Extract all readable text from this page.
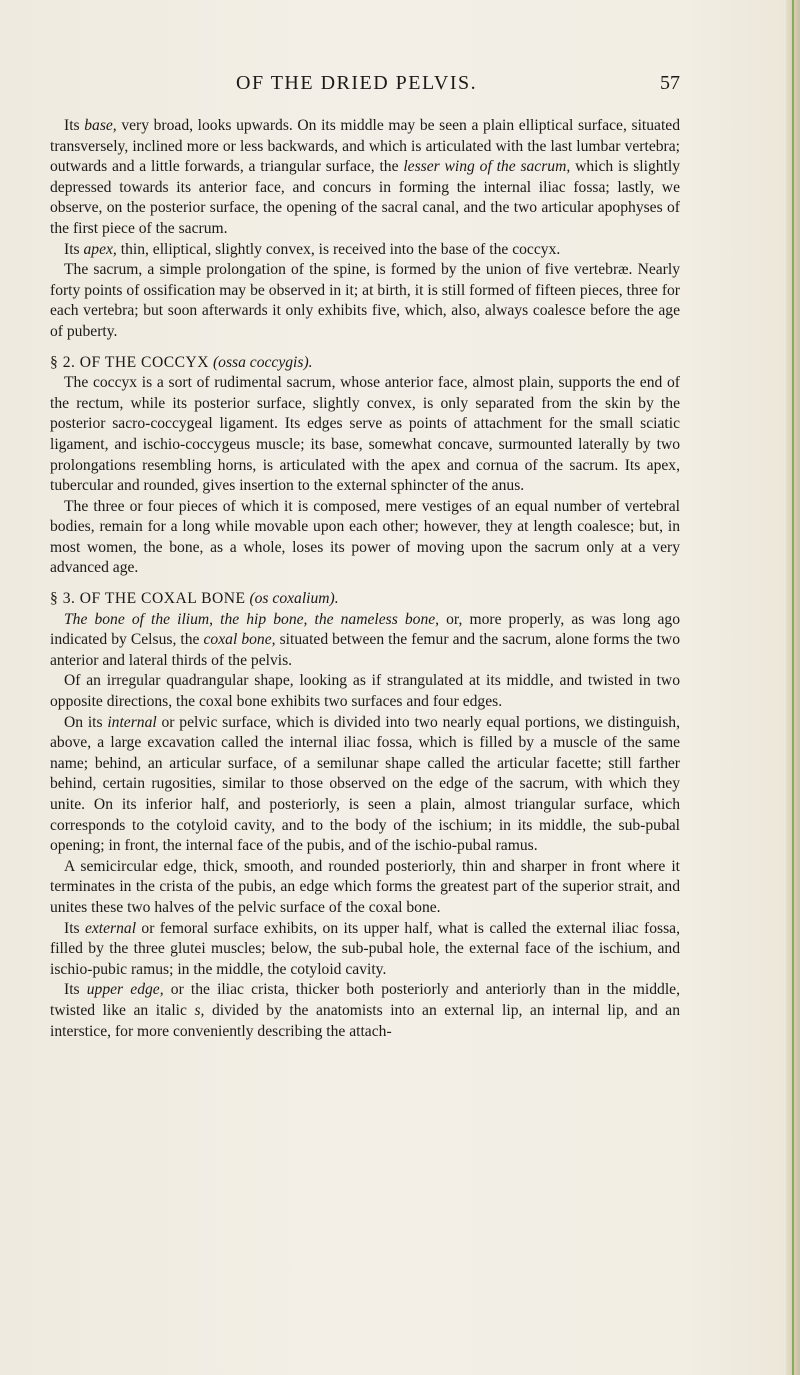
OF THE DRIED PELVIS.	57

Its base, very broad, looks upwards. On its middle may be seen a plain elliptical surface, situated transversely, inclined more or less backwards, and which is articulated with the last lumbar vertebra; outwards and a little forwards, a triangular surface, the lesser wing of the sacrum, which is slightly depressed towards its anterior face, and concurs in forming the internal iliac fossa; lastly, we observe, on the posterior surface, the opening of the sacral canal, and the two articular apophyses of the first piece of the sacrum.

Its apex, thin, elliptical, slightly convex, is received into the base of the coccyx.

The sacrum, a simple prolongation of the spine, is formed by the union of five vertebræ. Nearly forty points of ossification may be observed in it; at birth, it is still formed of fifteen pieces, three for each vertebra; but soon afterwards it only exhibits five, which, also, always coalesce before the age of puberty.

§ 2. OF THE COCCYX (ossa coccygis).

The coccyx is a sort of rudimental sacrum, whose anterior face, almost plain, supports the end of the rectum, while its posterior surface, slightly convex, is only separated from the skin by the posterior sacro-coccygeal ligament. Its edges serve as points of attachment for the small sciatic ligament, and ischio-coccygeus muscle; its base, somewhat concave, surmounted laterally by two prolongations resembling horns, is articulated with the apex and cornua of the sacrum. Its apex, tubercular and rounded, gives insertion to the external sphincter of the anus.

The three or four pieces of which it is composed, mere vestiges of an equal number of vertebral bodies, remain for a long while movable upon each other; however, they at length coalesce; but, in most women, the bone, as a whole, loses its power of moving upon the sacrum only at a very advanced age.

§ 3. OF THE COXAL BONE (os coxalium).

The bone of the ilium, the hip bone, the nameless bone, or, more properly, as was long ago indicated by Celsus, the coxal bone, situated between the femur and the sacrum, alone forms the two anterior and lateral thirds of the pelvis.

Of an irregular quadrangular shape, looking as if strangulated at its middle, and twisted in two opposite directions, the coxal bone exhibits two surfaces and four edges.

On its internal or pelvic surface, which is divided into two nearly equal portions, we distinguish, above, a large excavation called the internal iliac fossa, which is filled by a muscle of the same name; behind, an articular surface, of a semilunar shape called the articular facette; still farther behind, certain rugosities, similar to those observed on the edge of the sacrum, with which they unite. On its inferior half, and posteriorly, is seen a plain, almost triangular surface, which corresponds to the cotyloid cavity, and to the body of the ischium; in its middle, the sub-pubal opening; in front, the internal face of the pubis, and of the ischio-pubal ramus.

A semicircular edge, thick, smooth, and rounded posteriorly, thin and sharper in front where it terminates in the crista of the pubis, an edge which forms the greatest part of the superior strait, and unites these two halves of the pelvic surface of the coxal bone.

Its external or femoral surface exhibits, on its upper half, what is called the external iliac fossa, filled by the three glutei muscles; below, the sub-pubal hole, the external face of the ischium, and ischio-pubic ramus; in the middle, the cotyloid cavity.

Its upper edge, or the iliac crista, thicker both posteriorly and anteriorly than in the middle, twisted like an italic s, divided by the anatomists into an external lip, an internal lip, and an interstice, for more conveniently describing the attach-
